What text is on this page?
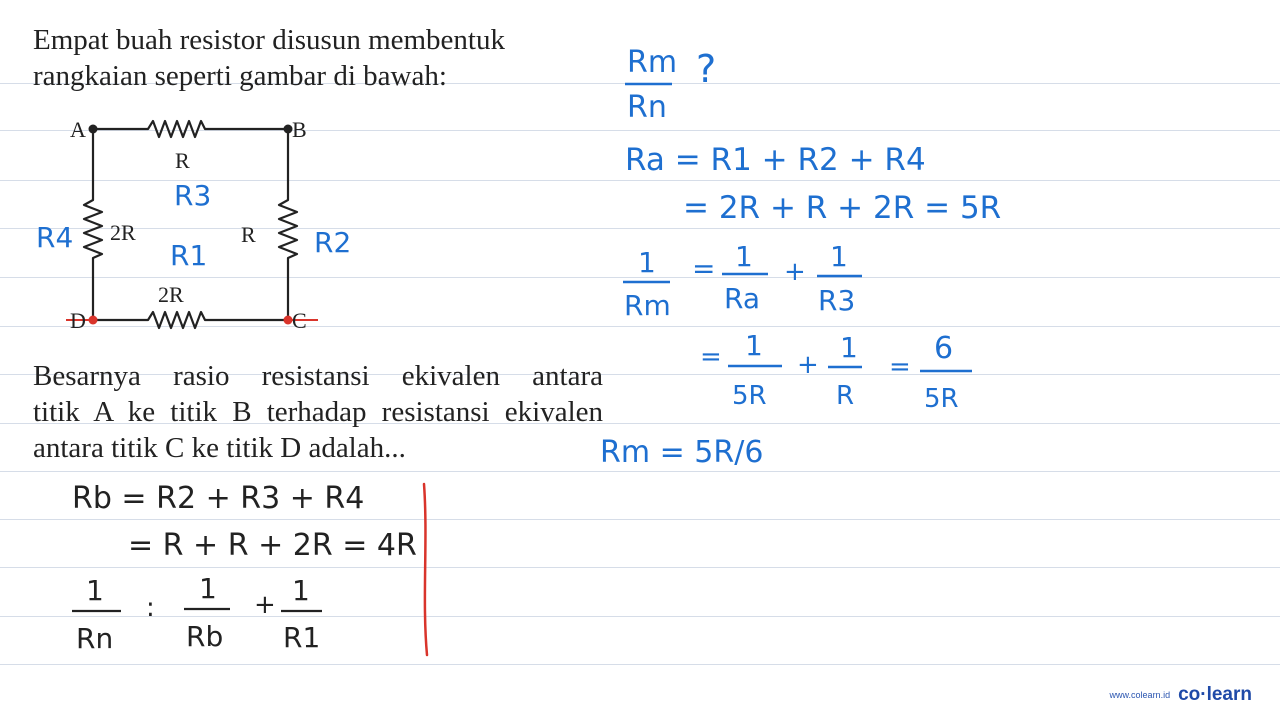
Empat buah resistor disusun membentuk
rangkaian seperti gambar di bawah:
Besarnya rasio resistansi ekivalen antara
titik A ke titik B terhadap resistansi ekivalen
antara titik C ke titik D adalah...
A	B
D	C
R
2R	R
2R
R3
R4	R2
R1
Rm
Rn
?
Ra = R1 + R2 + R4
= 2R + R + 2R = 5R
1
Rm
= 1
Ra
+ 1
R3
= 1
5R
+
1
R
=
6
5R
Rm = 5R/6
Rb = R2 + R3 + R4
= R + R + 2R = 4R
1
Rn
:
1
Rb
+ 1
R1
www.colearn.id co·learn
